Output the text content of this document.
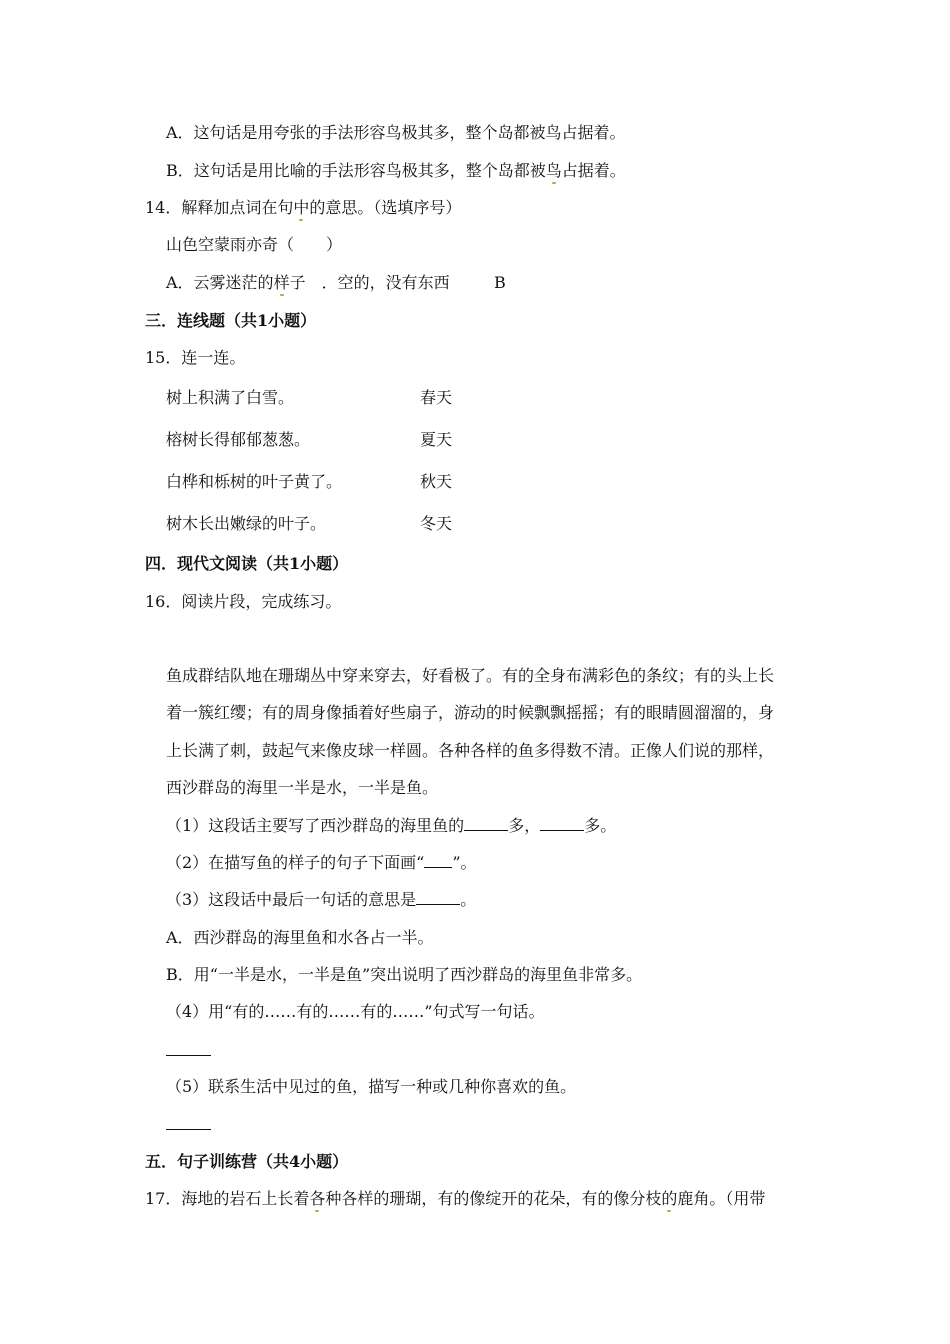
A．这句话是用夸张的手法形容鸟极其多，整个岛都被鸟占据着。
B．这句话是用比喻的手法形容鸟极其多，整个岛都被鸟占据着。
14．解释加点词在句中的意思。（选填序号）
山色空蒙雨亦奇（　　）
A．云雾迷茫的样子　．空的，没有东西	B
三．连线题（共1小题）
15．连一连。
树上积满了白雪。	春天
榕树长得郁郁葱葱。	夏天
白桦和栎树的叶子黄了。	秋天
树木长出嫩绿的叶子。	冬天
四．现代文阅读（共1小题）
16．阅读片段，完成练习。
鱼成群结队地在珊瑚丛中穿来穿去，好看极了。有的全身布满彩色的条纹；有的头上长
着一簇红缨；有的周身像插着好些扇子，游动的时候飘飘摇摇；有的眼睛圆溜溜的，身
上长满了刺，鼓起气来像皮球一样圆。各种各样的鱼多得数不清。正像人们说的那样，
西沙群岛的海里一半是水，一半是鱼。
（1）这段话主要写了西沙群岛的海里鱼的	多，	多。
（2）在描写鱼的样子的句子下面画“ ”。
（3）这段话中最后一句话的意思是	。
A．西沙群岛的海里鱼和水各占一半。
B．用“一半是水，一半是鱼”突出说明了西沙群岛的海里鱼非常多。
（4）用“有的……有的……有的……”句式写一句话。
（5）联系生活中见过的鱼，描写一种或几种你喜欢的鱼。
五．句子训练营（共4小题）
17．海地的岩石上长着各种各样的珊瑚，有的像绽开的花朵，有的像分枝的鹿角。（用带
